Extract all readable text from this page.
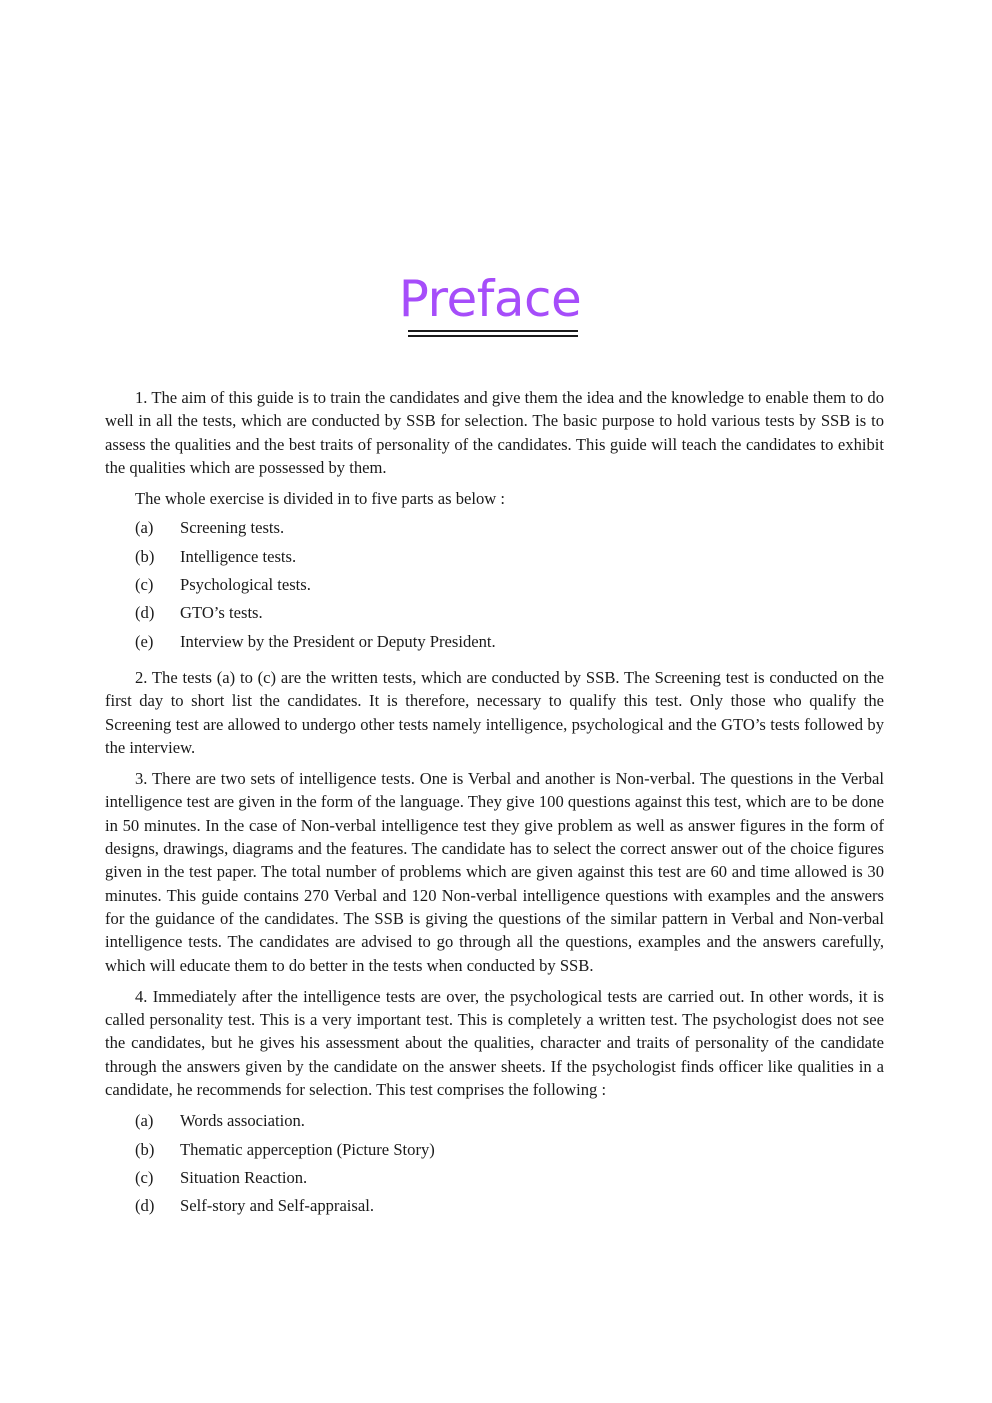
Preface

1. The aim of this guide is to train the candidates and give them the idea and the knowledge to enable them to do well in all the tests, which are conducted by SSB for selection. The basic purpose to hold various tests by SSB is to assess the qualities and the best traits of personality of the candidates. This guide will teach the candidates to exhibit the qualities which are possessed by them.

The whole exercise is divided in to five parts as below :

(a)	Screening tests.
(b)	Intelligence tests.
(c)	Psychological tests.
(d)	GTO’s tests.
(e)	Interview by the President or Deputy President.

2. The tests (a) to (c) are the written tests, which are conducted by SSB. The Screening test is conducted on the first day to short list the candidates. It is therefore, necessary to qualify this test. Only those who qualify the Screening test are allowed to undergo other tests namely intelligence, psychological and the GTO’s tests followed by the interview.

3. There are two sets of intelligence tests. One is Verbal and another is Non-verbal. The questions in the Verbal intelligence test are given in the form of the language. They give 100 questions against this test, which are to be done in 50 minutes. In the case of Non-verbal intelligence test they give problem as well as answer figures in the form of designs, drawings, diagrams and the features. The candidate has to select the correct answer out of the choice figures given in the test paper. The total number of problems which are given against this test are 60 and time allowed is 30 minutes. This guide contains 270 Verbal and 120 Non-verbal intelligence questions with examples and the answers for the guidance of the candidates. The SSB is giving the questions of the similar pattern in Verbal and Non-verbal intelligence tests. The candidates are advised to go through all the questions, examples and the answers carefully, which will educate them to do better in the tests when conducted by SSB.

4. Immediately after the intelligence tests are over, the psychological tests are carried out. In other words, it is called personality test. This is a very important test. This is completely a written test. The psychologist does not see the candidates, but he gives his assessment about the qualities, character and traits of personality of the candidate through the answers given by the candidate on the answer sheets. If the psychologist finds officer like qualities in a candidate, he recommends for selection. This test comprises the following :

(a)	Words association.
(b)	Thematic apperception (Picture Story)
(c)	Situation Reaction.
(d)	Self-story and Self-appraisal.
